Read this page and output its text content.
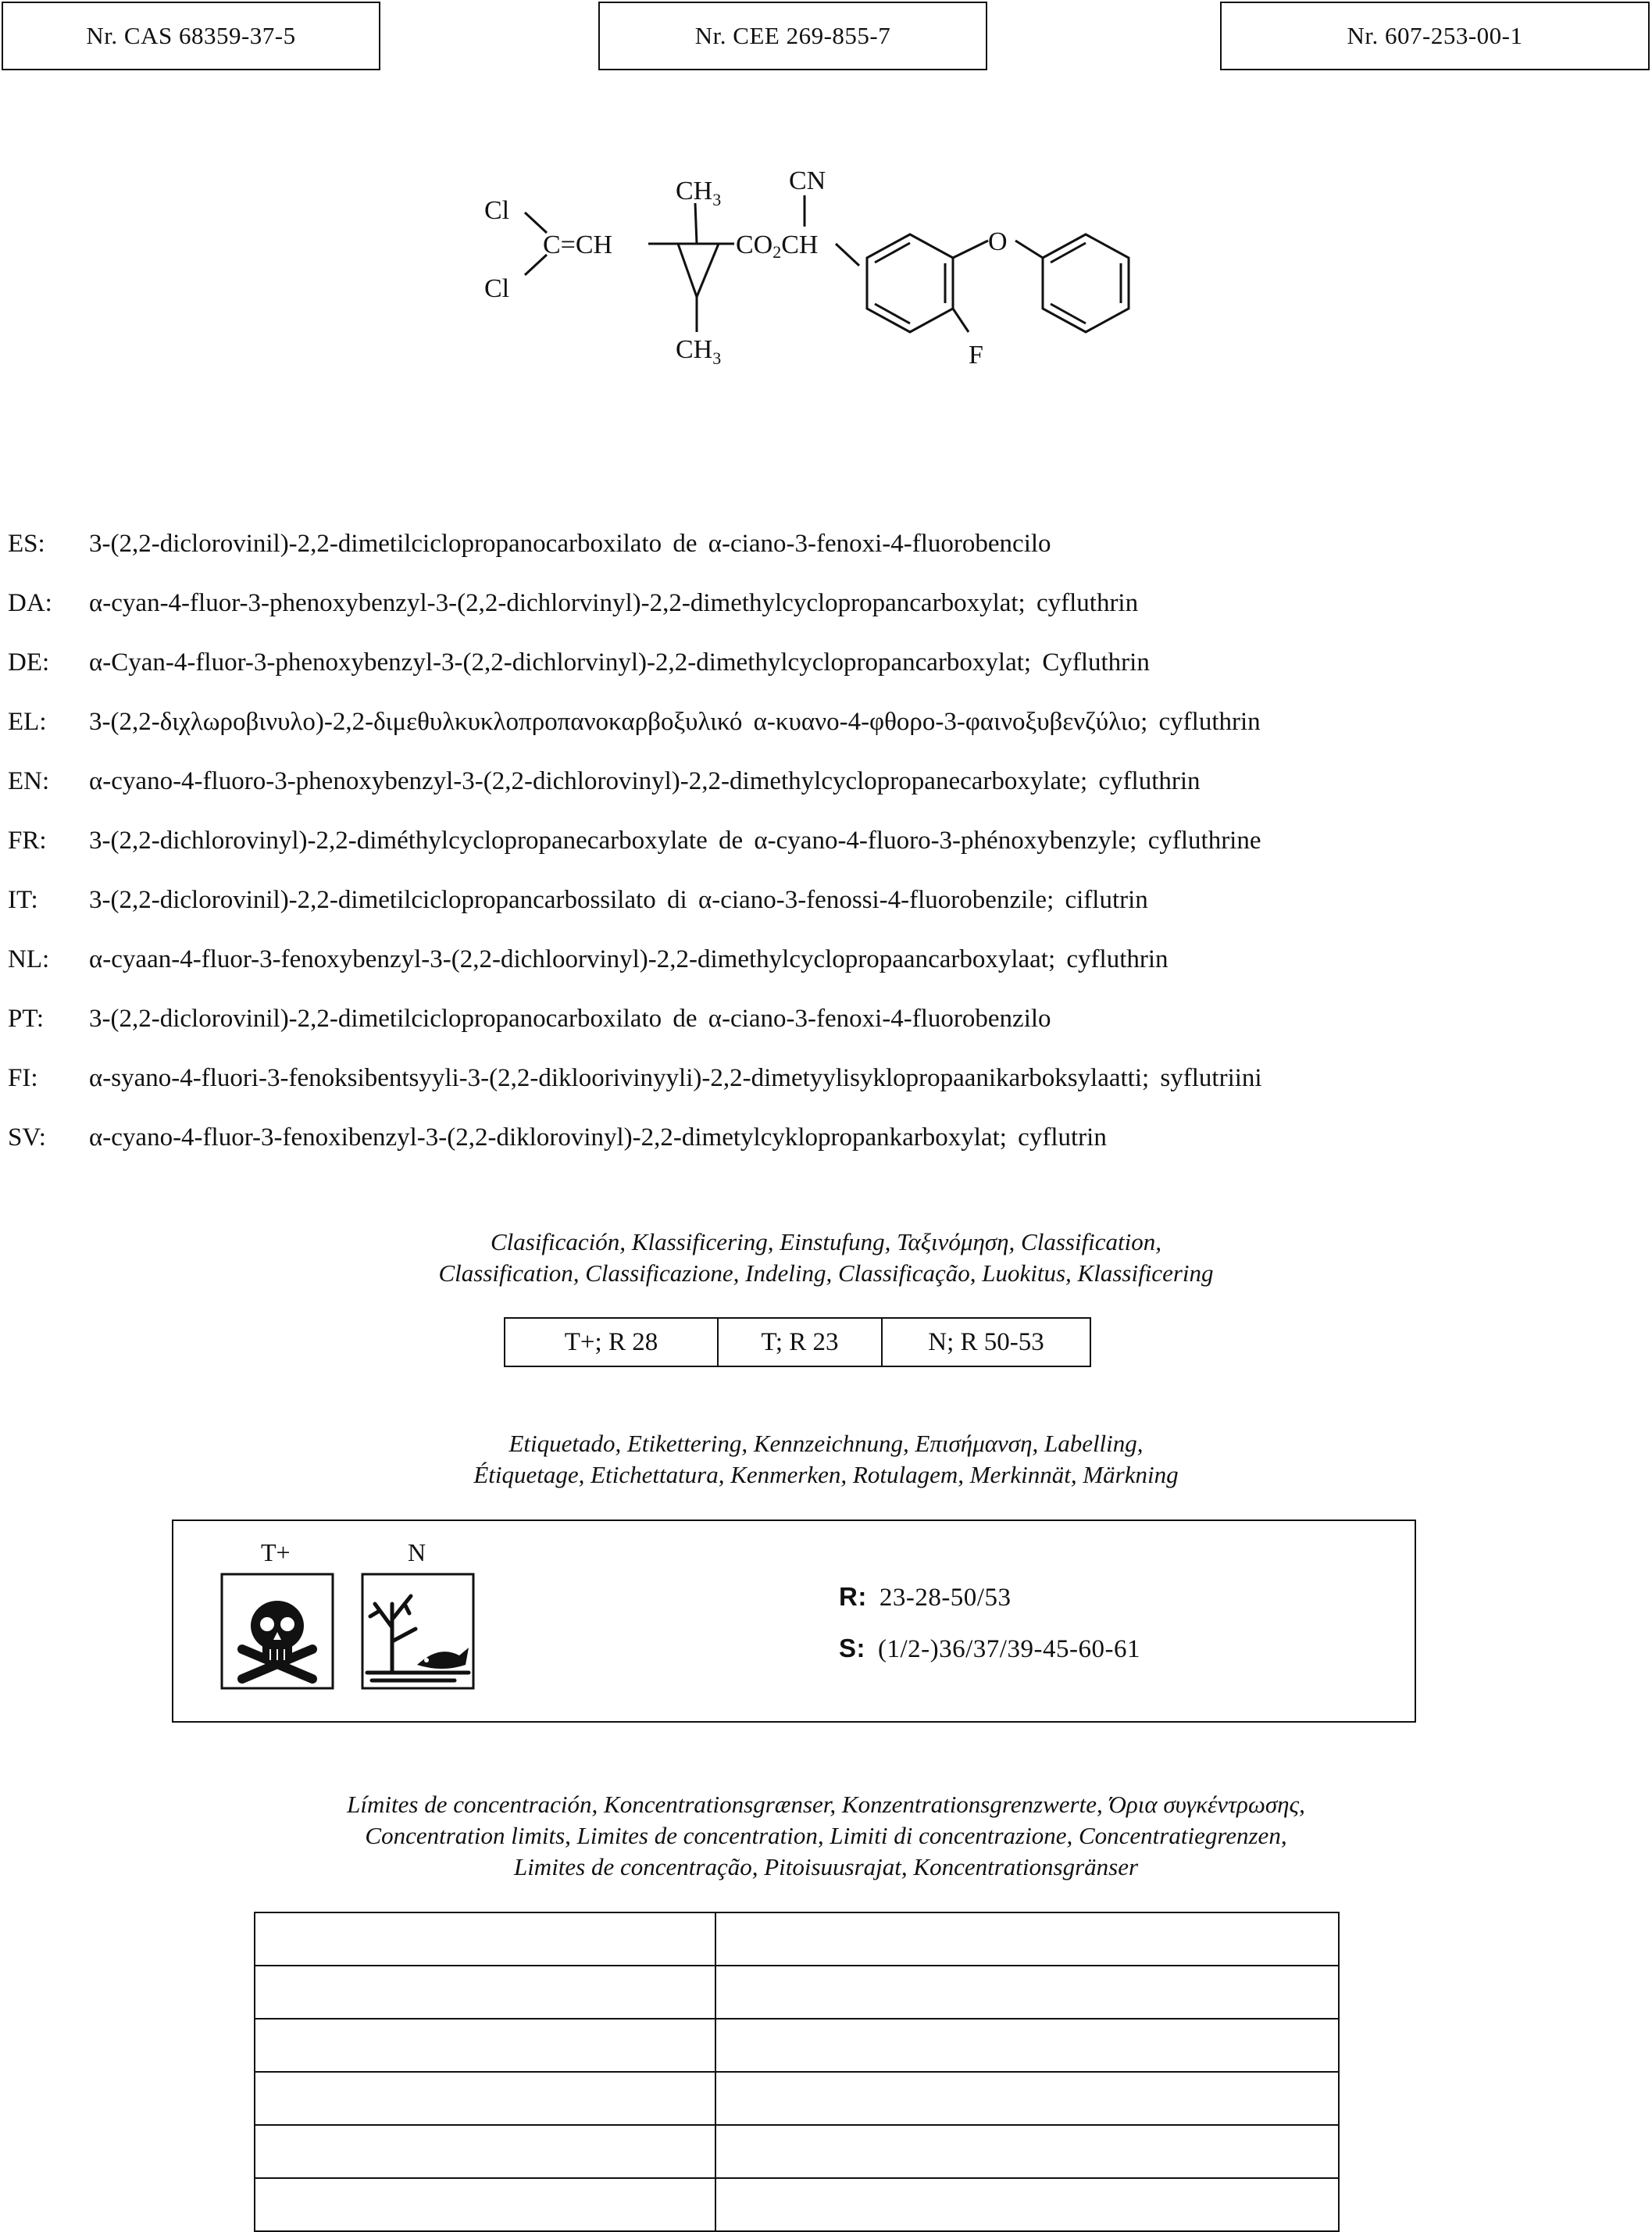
Nr. CAS 68359-37-5	Nr. CEE 269-855-7	Nr. 607-253-00-1
Cl
Cl
C=CH
$CH_3$
$CH_3$
CO2CH
CN
O
F
ES:	3-(2,2-diclorovinil)-2,2-dimetilciclopropanocarboxilato de α-ciano-3-fenoxi-4-fluorobencilo
DA:	α-cyan-4-fluor-3-phenoxybenzyl-3-(2,2-dichlorvinyl)-2,2-dimethylcyclopropancarboxylat; cyfluthrin
DE:	α-Cyan-4-fluor-3-phenoxybenzyl-3-(2,2-dichlorvinyl)-2,2-dimethylcyclopropancarboxylat; Cyfluthrin
EL:	3-(2,2-διχλωροβινυλο)-2,2-διμεθυλκυκλοπροπανοκαρβοξυλικό α-κυανο-4-φθορο-3-φαινοξυβενζύλιο; cyfluthrin
EN:	α-cyano-4-fluoro-3-phenoxybenzyl-3-(2,2-dichlorovinyl)-2,2-dimethylcyclopropanecarboxylate; cyfluthrin
FR:	3-(2,2-dichlorovinyl)-2,2-diméthylcyclopropanecarboxylate de α-cyano-4-fluoro-3-phénoxybenzyle; cyfluthrine
IT:	3-(2,2-diclorovinil)-2,2-dimetilciclopropancarbossilato di α-ciano-3-fenossi-4-fluorobenzile; ciflutrin
NL:	α-cyaan-4-fluor-3-fenoxybenzyl-3-(2,2-dichloorvinyl)-2,2-dimethylcyclopropaancarboxylaat; cyfluthrin
PT:	3-(2,2-diclorovinil)-2,2-dimetilciclopropanocarboxilato de α-ciano-3-fenoxi-4-fluorobenzilo
FI:	α-syano-4-fluori-3-fenoksibentsyyli-3-(2,2-dikloorivinyyli)-2,2-dimetyylisyklopropaanikarboksylaatti; syflutriini
SV:	α-cyano-4-fluor-3-fenoxibenzyl-3-(2,2-diklorovinyl)-2,2-dimetylcyklopropankarboxylat; cyflutrin
Clasificación, Klassificering, Einstufung, Ταξινόμηση, Classification,
Classification, Classificazione, Indeling, Classificação, Luokitus, Klassificering
T+; R 28	T; R 23	N; R 50-53
Etiquetado, Etikettering, Kennzeichnung, Επισήμανση, Labelling,
Étiquetage, Etichettatura, Kenmerken, Rotulagem, Merkinnät, Märkning
T+	N
R: 23-28-50/53
S: (1/2-)36/37/39-45-60-61
Límites de concentración, Koncentrationsgrænser, Konzentrationsgrenzwerte, Όρια συγκέντρωσης,
Concentration limits, Limites de concentration, Limiti di concentrazione, Concentratiegrenzen,
Limites de concentração, Pitoisuusrajat, Koncentrationsgränser
